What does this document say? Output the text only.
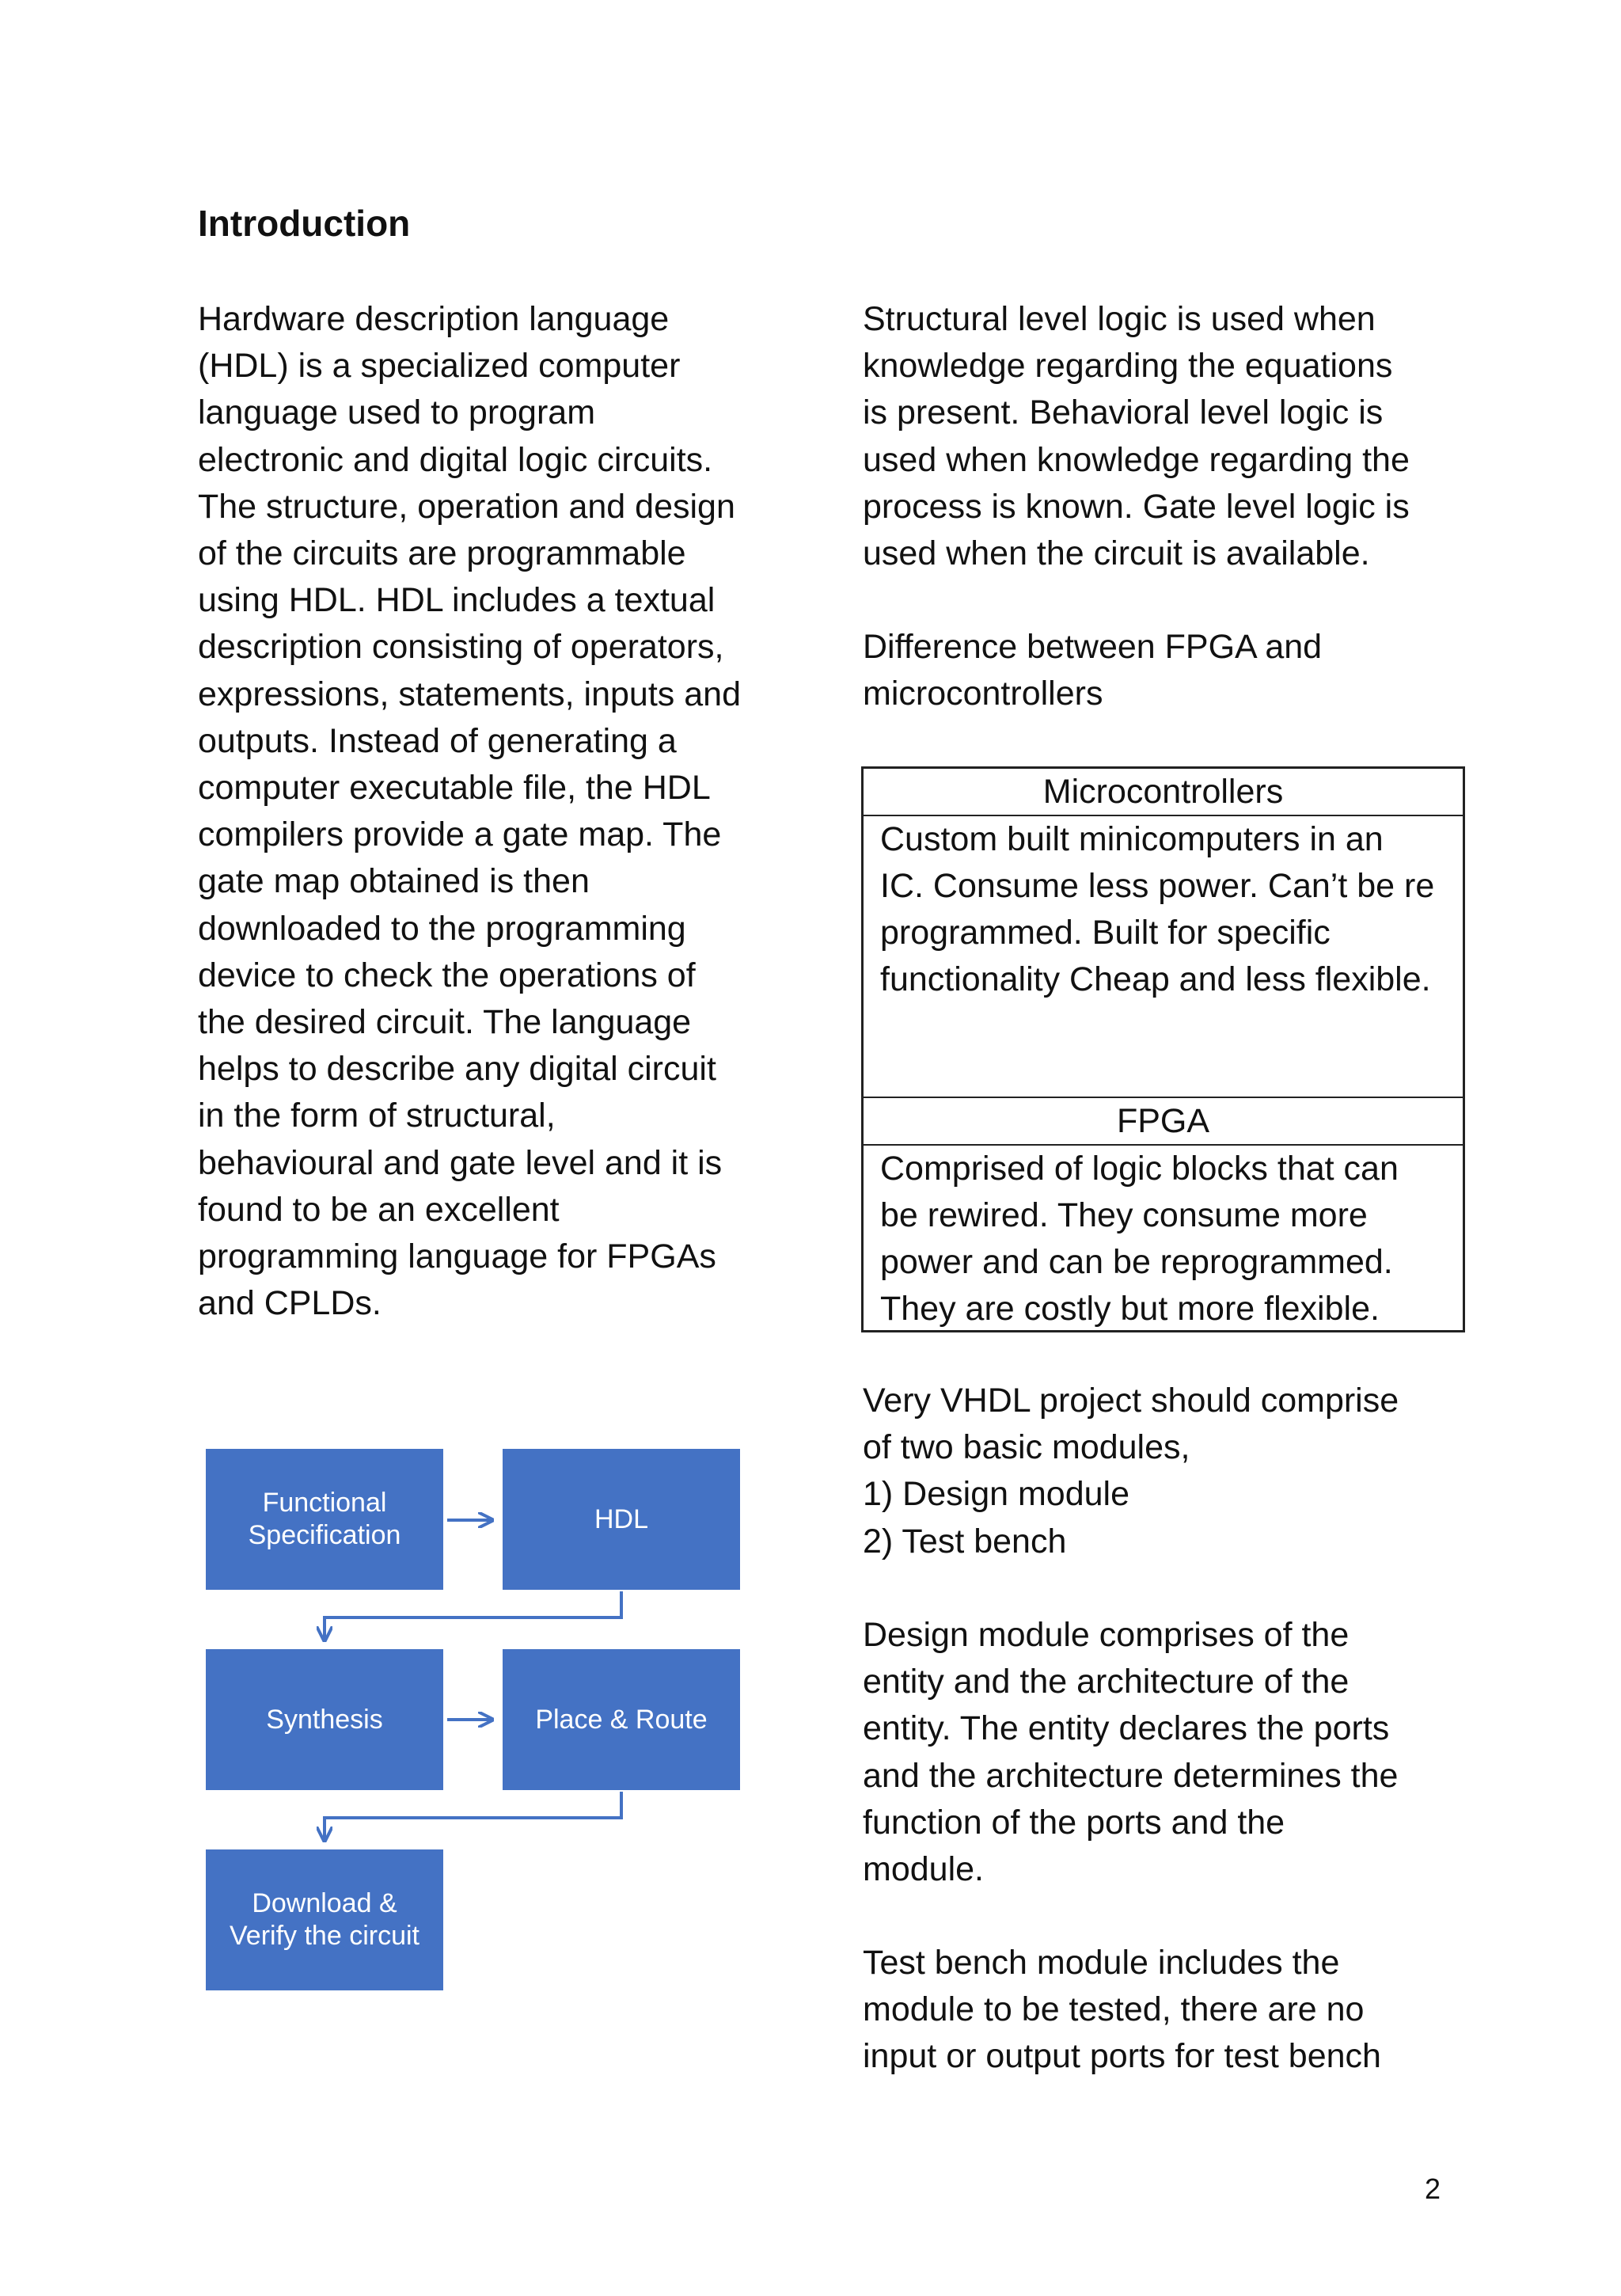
Introduction

Hardware description language
(HDL) is a specialized computer
language used to program
electronic and digital logic circuits.
The structure, operation and design
of the circuits are programmable
using HDL. HDL includes a textual
description consisting of operators,
expressions, statements, inputs and
outputs. Instead of generating a
computer executable file, the HDL
compilers provide a gate map. The
gate map obtained is then
downloaded to the programming
device to check the operations of
the desired circuit. The language
helps to describe any digital circuit
in the form of structural,
behavioural and gate level and it is
found to be an excellent
programming language for FPGAs
and CPLDs.

Structural level logic is used when
knowledge regarding the equations
is present. Behavioral level logic is
used when knowledge regarding the
process is known. Gate level logic is
used when the circuit is available.

Difference between FPGA and
microcontrollers

Microcontrollers
Custom built minicomputers in an
IC. Consume less power. Can’t be re
programmed. Built for specific
functionality Cheap and less flexible.
FPGA
Comprised of logic blocks that can
be rewired. They consume more
power and can be reprogrammed.
They are costly but more flexible.

Very VHDL project should comprise
of two basic modules,
1) Design module
2) Test bench

Design module comprises of the
entity and the architecture of the
entity. The entity declares the ports
and the architecture determines the
function of the ports and the
module.

Test bench module includes the
module to be tested, there are no
input or output ports for test bench

Functional
Specification
HDL
Synthesis	Place & Route
Download &
Verify the circuit
2
